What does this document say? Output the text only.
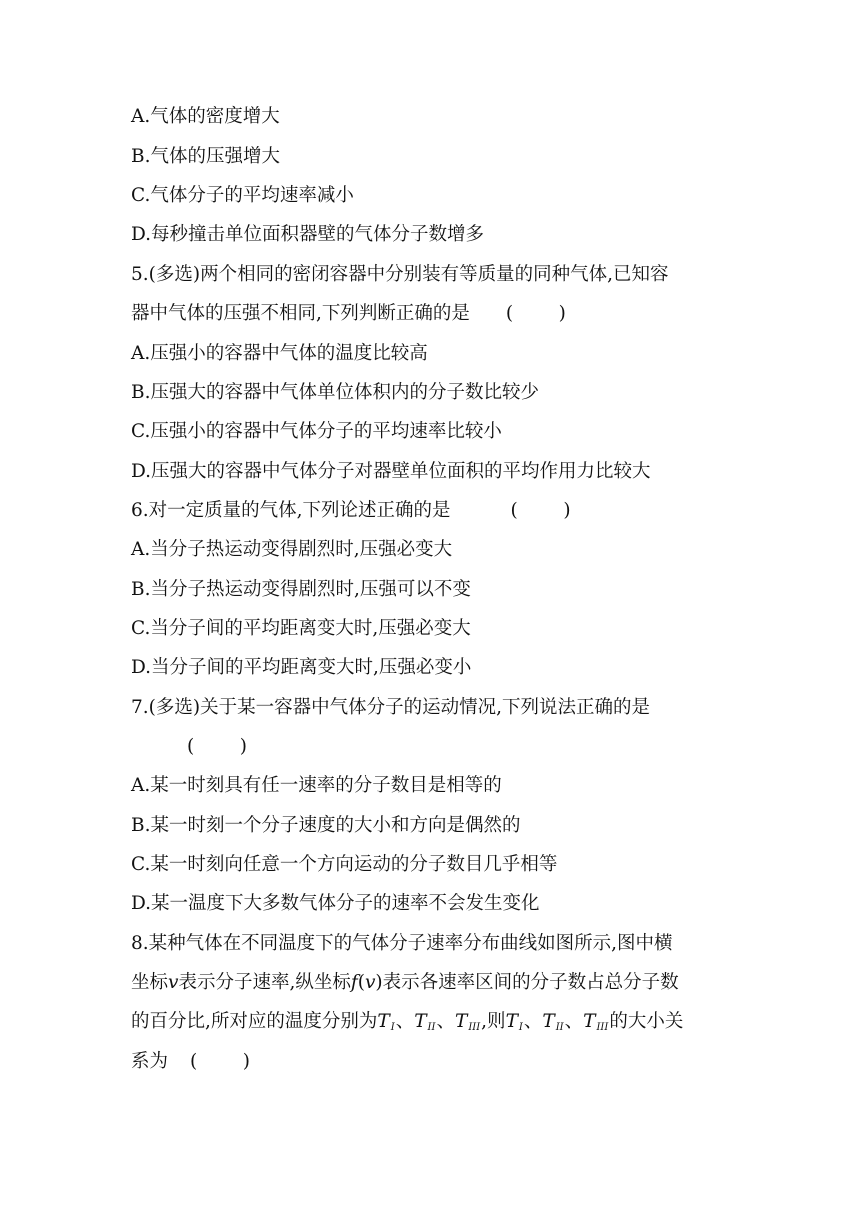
A.气体的密度增大
B.气体的压强增大
C.气体分子的平均速率减小
D.每秒撞击单位面积器壁的气体分子数增多
5.(多选)两个相同的密闭容器中分别装有等质量的同种气体,已知容
器中气体的压强不相同,下列判断正确的是 ( )
A.压强小的容器中气体的温度比较高
B.压强大的容器中气体单位体积内的分子数比较少
C.压强小的容器中气体分子的平均速率比较小
D.压强大的容器中气体分子对器壁单位面积的平均作用力比较大
6.对一定质量的气体,下列论述正确的是	( )
A.当分子热运动变得剧烈时,压强必变大
B.当分子热运动变得剧烈时,压强可以不变
C.当分子间的平均距离变大时,压强必变大
D.当分子间的平均距离变大时,压强必变小
7.(多选)关于某一容器中气体分子的运动情况,下列说法正确的是
( )
A.某一时刻具有任一速率的分子数目是相等的
B.某一时刻一个分子速度的大小和方向是偶然的
C.某一时刻向任意一个方向运动的分子数目几乎相等
D.某一温度下大多数气体分子的速率不会发生变化
8.某种气体在不同温度下的气体分子速率分布曲线如图所示,图中横
坐标v表示分子速率,纵坐标f(v)表示各速率区间的分子数占总分子数
的百分比,所对应的温度分别为$T_I$、$T_{II}$、$T_{III}$,则$T_I$、$T_{II}$、$T_{III}$的大小关
系为 ( )
